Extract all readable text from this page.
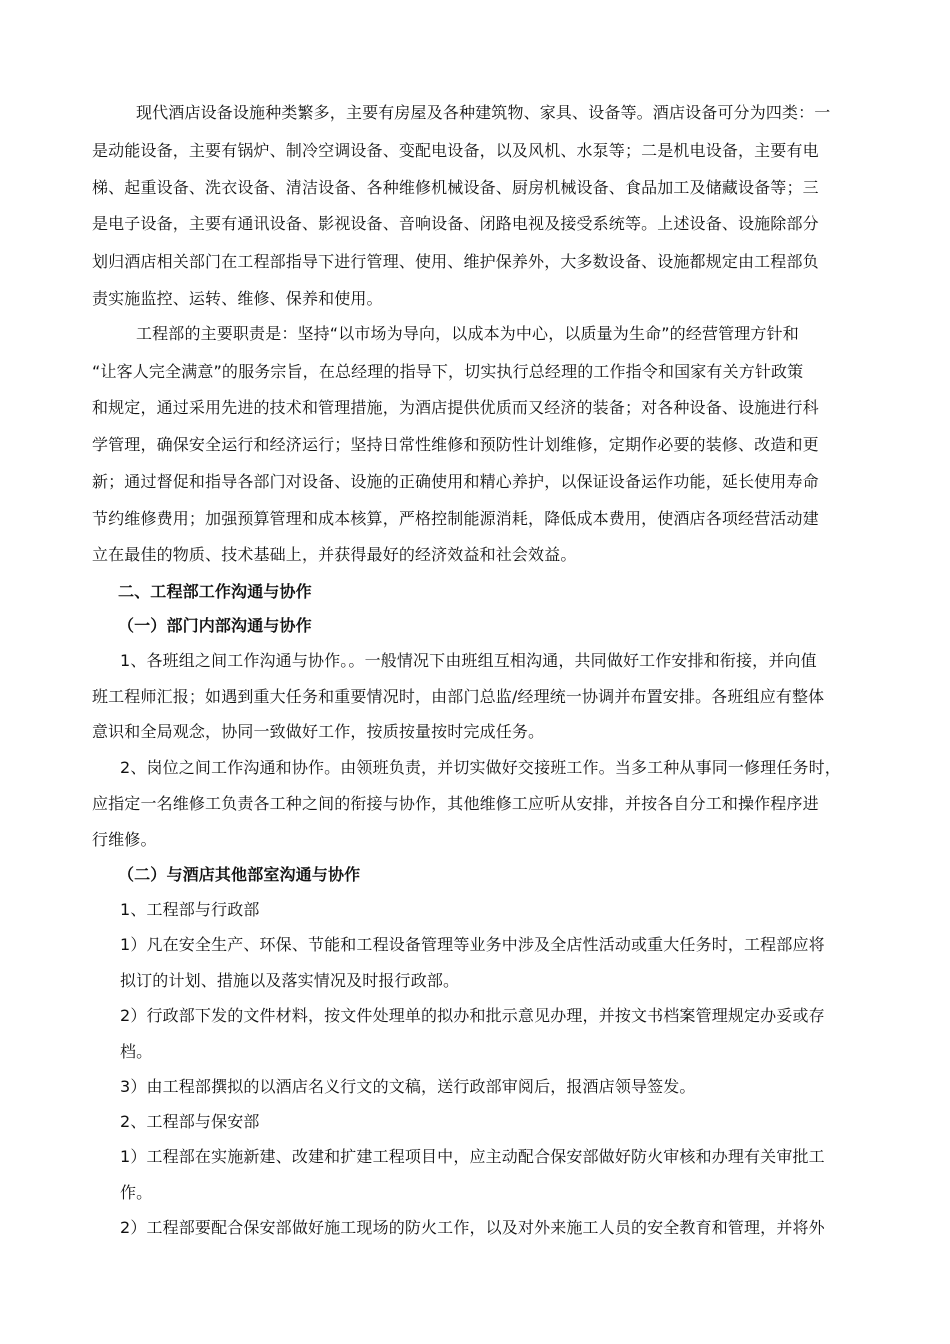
现代酒店设备设施种类繁多，主要有房屋及各种建筑物、家具、设备等。酒店设备可分为四类：一
是动能设备，主要有锅炉、制冷空调设备、变配电设备，以及风机、水泵等；二是机电设备，主要有电
梯、起重设备、洗衣设备、清洁设备、各种维修机械设备、厨房机械设备、食品加工及储藏设备等；三
是电子设备，主要有通讯设备、影视设备、音响设备、闭路电视及接受系统等。上述设备、设施除部分
划归酒店相关部门在工程部指导下进行管理、使用、维护保养外，大多数设备、设施都规定由工程部负
责实施监控、运转、维修、保养和使用。
工程部的主要职责是：坚持“以市场为导向，以成本为中心，以质量为生命”的经营管理方针和
“让客人完全满意”的服务宗旨，在总经理的指导下，切实执行总经理的工作指令和国家有关方针政策
和规定，通过采用先进的技术和管理措施，为酒店提供优质而又经济的装备；对各种设备、设施进行科
学管理，确保安全运行和经济运行；坚持日常性维修和预防性计划维修，定期作必要的装修、改造和更
新；通过督促和指导各部门对设备、设施的正确使用和精心养护，以保证设备运作功能，延长使用寿命
节约维修费用；加强预算管理和成本核算，严格控制能源消耗，降低成本费用，使酒店各项经营活动建
立在最佳的物质、技术基础上，并获得最好的经济效益和社会效益。
二、工程部工作沟通与协作
（一）部门内部沟通与协作
1、各班组之间工作沟通与协作。。一般情况下由班组互相沟通，共同做好工作安排和衔接，并向值
班工程师汇报；如遇到重大任务和重要情况时，由部门总监/经理统一协调并布置安排。各班组应有整体
意识和全局观念，协同一致做好工作，按质按量按时完成任务。
2、岗位之间工作沟通和协作。由领班负责，并切实做好交接班工作。当多工种从事同一修理任务时，
应指定一名维修工负责各工种之间的衔接与协作，其他维修工应听从安排，并按各自分工和操作程序进
行维修。
（二）与酒店其他部室沟通与协作
1、工程部与行政部
1）凡在安全生产、环保、节能和工程设备管理等业务中涉及全店性活动或重大任务时，工程部应将
拟订的计划、措施以及落实情况及时报行政部。
2）行政部下发的文件材料，按文件处理单的拟办和批示意见办理，并按文书档案管理规定办妥或存
档。
3）由工程部撰拟的以酒店名义行文的文稿，送行政部审阅后，报酒店领导签发。
2、工程部与保安部
1）工程部在实施新建、改建和扩建工程项目中，应主动配合保安部做好防火审核和办理有关审批工
作。
2）工程部要配合保安部做好施工现场的防火工作，以及对外来施工人员的安全教育和管理，并将外
